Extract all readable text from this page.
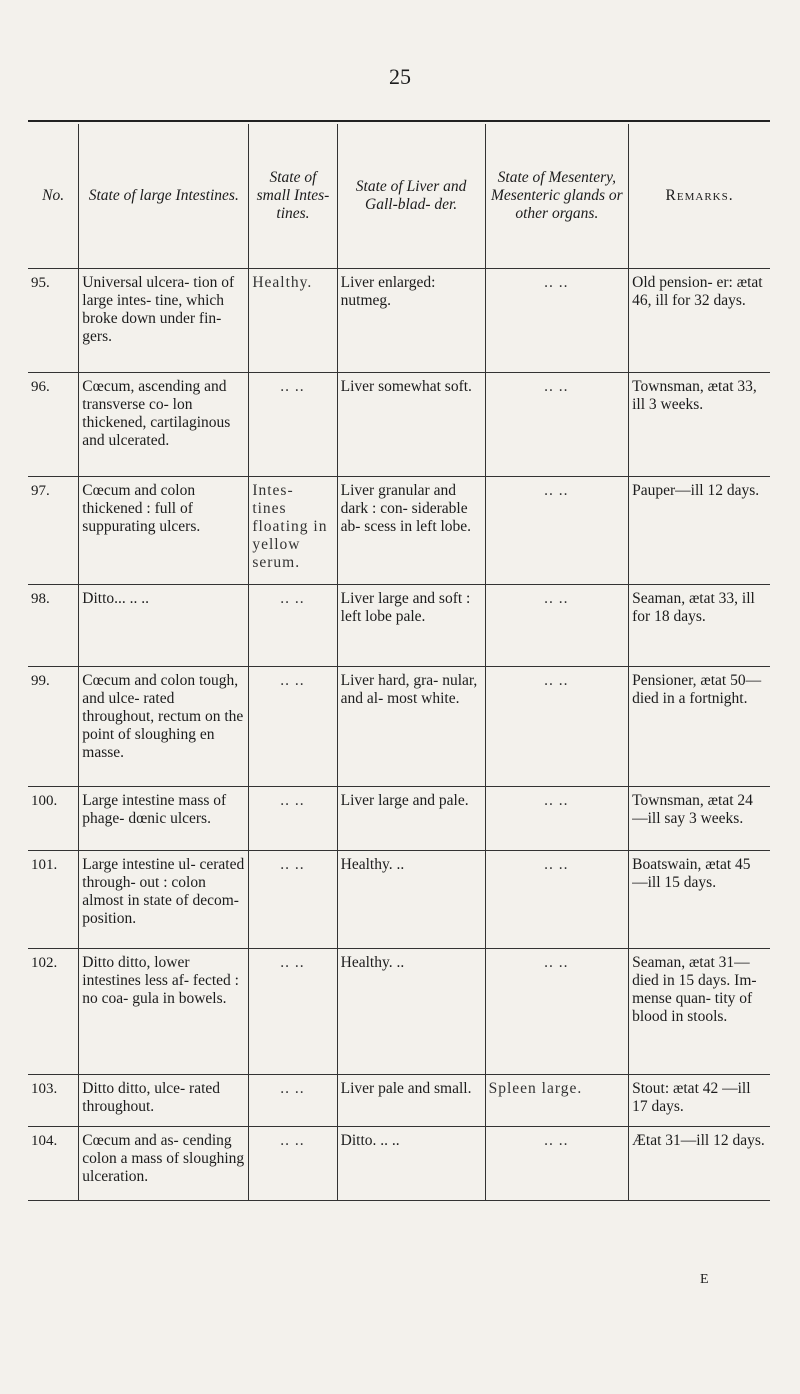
25
No.	State of large Intestines.	State of small Intes- tines.	State of Liver and Gall-blad- der.	State of Mesentery, Mesenteric glands or other organs.	Remarks.
95.	Universal ulcera- tion of large intes- tine, which broke down under fin- gers.	Healthy.	Liver enlarged: nutmeg.	.. ..	Old pension- er: ætat 46, ill for 32 days.
96.	Cœcum, ascending and transverse co- lon thickened, cartilaginous and ulcerated.	.. ..	Liver somewhat soft.	.. ..	Townsman, ætat 33, ill 3 weeks.
97.	Cœcum and colon thickened : full of suppurating ulcers.	Intes- tines floating in yellow serum.	Liver granular and dark : con- siderable ab- scess in left lobe.	.. ..	Pauper—ill 12 days.
98.	Ditto... .. ..	.. ..	Liver large and soft : left lobe pale.	.. ..	Seaman, ætat 33, ill for 18 days.
99.	Cœcum and colon tough, and ulce- rated throughout, rectum on the point of sloughing en masse.	.. ..	Liver hard, gra- nular, and al- most white.	.. ..	Pensioner, ætat 50—died in a fortnight.
100.	Large intestine mass of phage- dœnic ulcers.	.. ..	Liver large and pale.	.. ..	Townsman, ætat 24—ill say 3 weeks.
101.	Large intestine ul- cerated through- out : colon almost in state of decom- position.	.. ..	Healthy. ..	.. ..	Boatswain, ætat 45—ill 15 days.
102.	Ditto ditto, lower intestines less af- fected : no coa- gula in bowels.	.. ..	Healthy. ..	.. ..	Seaman, ætat 31—died in 15 days. Im- mense quan- tity of blood in stools.
103.	Ditto ditto, ulce- rated throughout.	.. ..	Liver pale and small.	Spleen large.	Stout: ætat 42 —ill 17 days.
104.	Cœcum and as- cending colon a mass of sloughing ulceration.	.. ..	Ditto. .. ..	.. ..	Ætat 31—ill 12 days.
E
